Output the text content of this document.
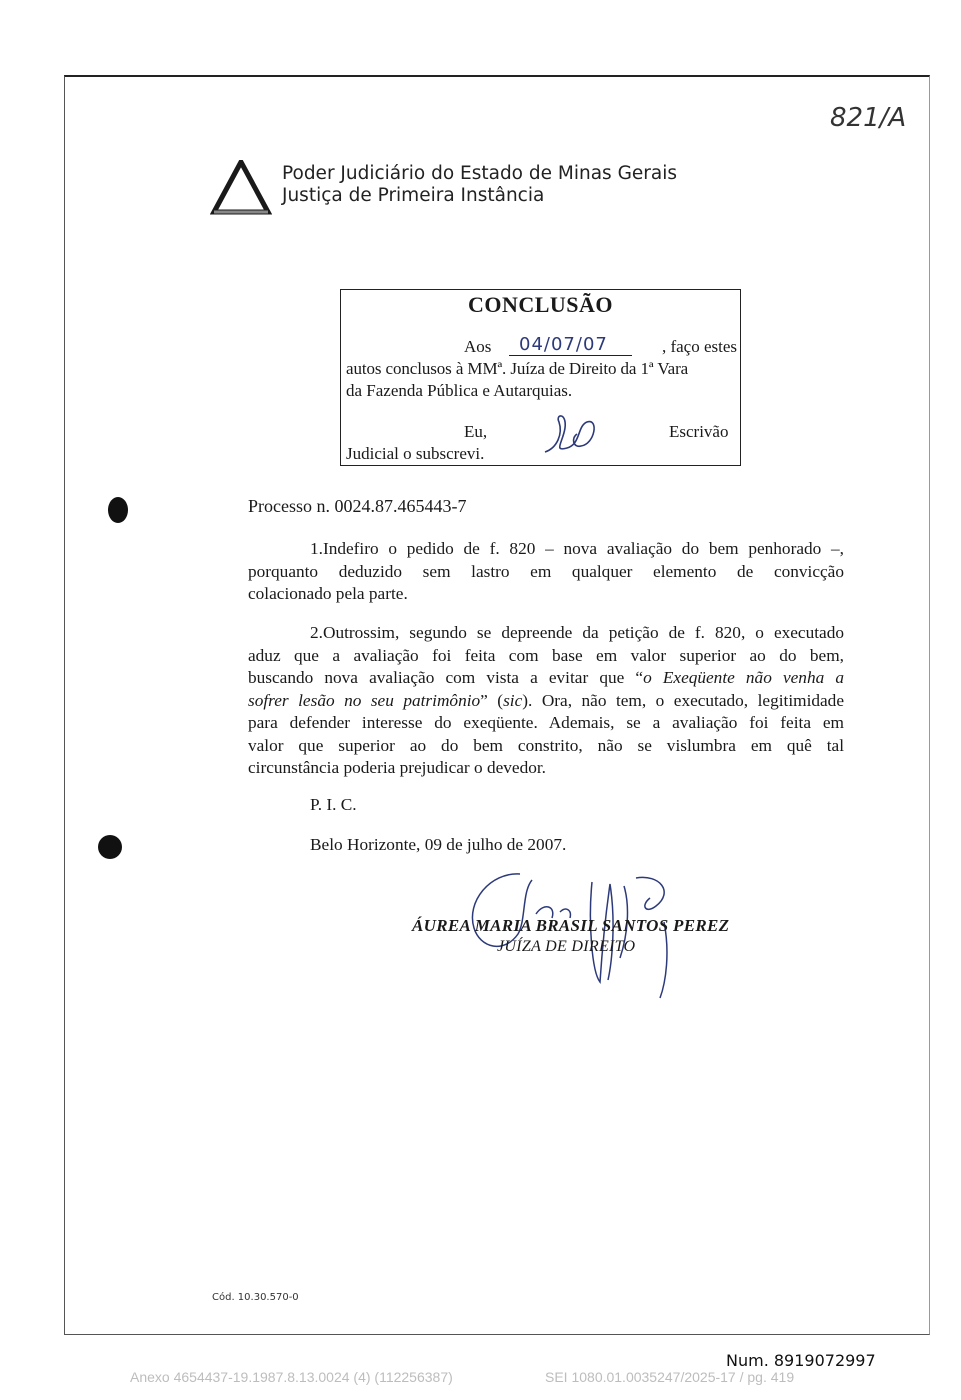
821/A
Poder Judiciário do Estado de Minas Gerais
Justiça de Primeira Instância
CONCLUSÃO
Aos 04/07/07	, faço estes
autos conclusos à MMª. Juíza de Direito da 1ª Vara
da Fazenda Pública e Autarquias.
Eu,	Escrivão
Judicial o subscrevi.
Processo n. 0024.87.465443-7
1.Indefiro o pedido de f. 820 – nova avaliação do bem penhorado –,
porquanto deduzido sem lastro em qualquer elemento de convicção
colacionado pela parte.
2.Outrossim, segundo se depreende da petição de f. 820, o executado
aduz que a avaliação foi feita com base em valor superior ao do bem,
buscando nova avaliação com vista a evitar que “o Exeqüente não venha a
sofrer lesão no seu patrimônio” (sic). Ora, não tem, o executado, legitimidade
para defender interesse do exeqüente. Ademais, se a avaliação foi feita em
valor que superior ao do bem constrito, não se vislumbra em quê tal
circunstância poderia prejudicar o devedor.
P. I. C.
Belo Horizonte, 09 de julho de 2007.
ÁUREA MARIA BRASIL SANTOS PEREZ
JUÍZA DE DIREITO
Cód. 10.30.570-0
Num. 8919072997
Anexo 4654437-19.1987.8.13.0024 (4) (112256387)	SEI 1080.01.0035247/2025-17 / pg. 419
